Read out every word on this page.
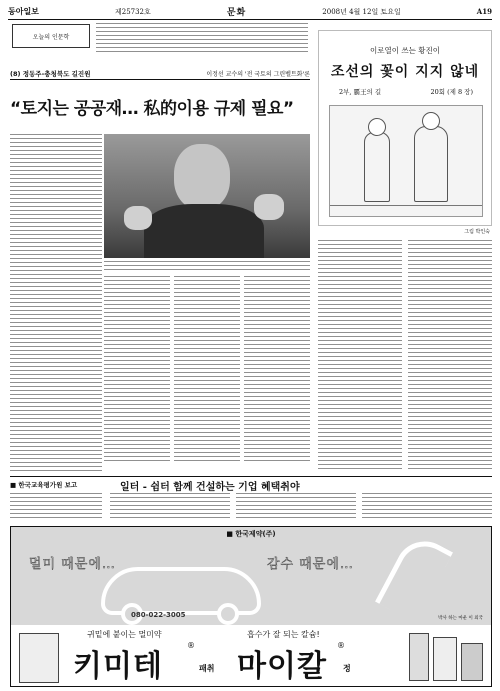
동아일보	제25732호	문화	2008년 4월 12일 토요일	A19
오늘의 인문학
(8) 정동주-충청북도 길진원	이정선 교수의 '전 국토의 그린벨트화'론
“토지는 공공재… 私的이용 규제 필요”
이로열이 쓰는 황진이
조선의 꽃이 지지 않네
2부, 覇王의 길	20회 (제 8 장)
그림 박인숙
■ 한국교육평가원 보고	일터 - 쉼터 함께 건설하는 기업 혜택취야
■ 한국제약(주)
멀미 때문에…	감수 때문에…
080-022-3005	박사 하는 마운 이 외국
귀밑에 붙이는 멀미약	흡수가 잘 되는 칼슘!
키미테
®
패취 마이칼
®
정
